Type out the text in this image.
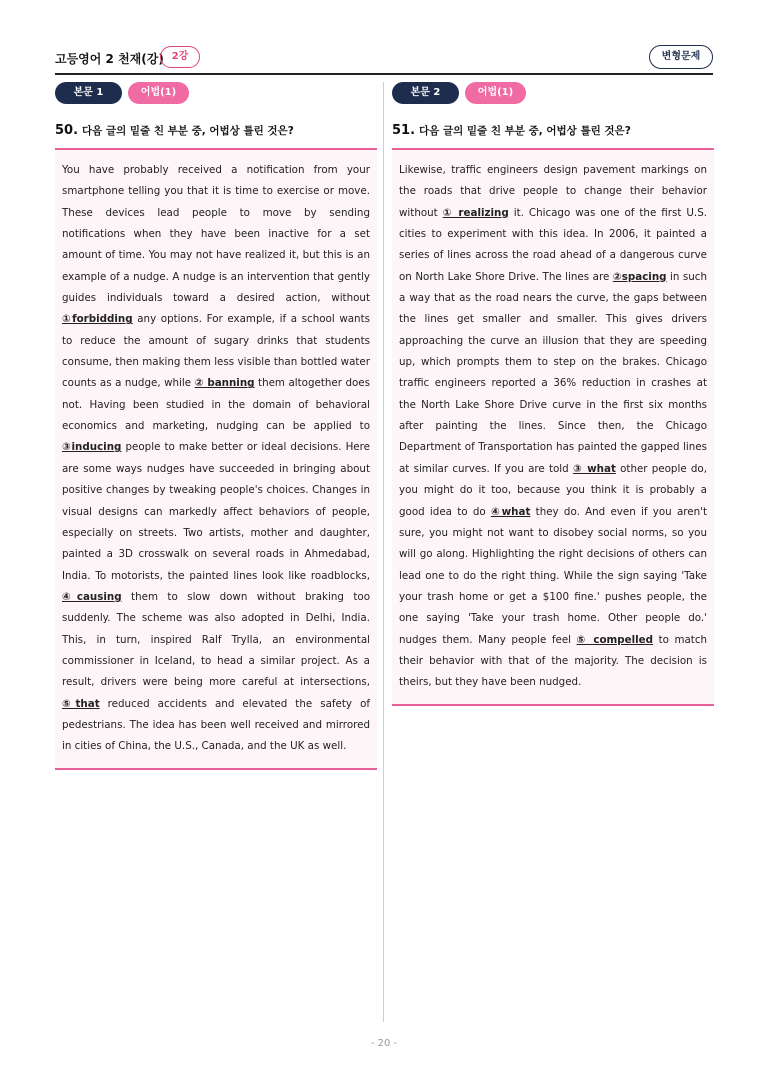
고등영어 2 천재(강) 2강	변형문제
본문 1	어법(1)
50. 다음 글의 밑줄 친 부분 중, 어법상 틀린 것은?
You have probably received a notification from your smartphone telling you that it is time to exercise or move. These devices lead people to move by sending notifications when they have been inactive for a set amount of time. You may not have realized it, but this is an example of a nudge. A nudge is an intervention that gently guides individuals toward a desired action, without ①forbidding any options. For example, if a school wants to reduce the amount of sugary drinks that students consume, then making them less visible than bottled water counts as a nudge, while ② banning them altogether does not. Having been studied in the domain of behavioral economics and marketing, nudging can be applied to ③inducing people to make better or ideal decisions. Here are some ways nudges have succeeded in bringing about positive changes by tweaking people's choices. Changes in visual designs can markedly affect behaviors of people, especially on streets. Two artists, mother and daughter, painted a 3D crosswalk on several roads in Ahmedabad, India. To motorists, the painted lines look like roadblocks, ④causing them to slow down without braking too suddenly. The scheme was also adopted in Delhi, India. This, in turn, inspired Ralf Trylla, an environmental commissioner in Iceland, to head a similar project. As a result, drivers were being more careful at intersections, ⑤that reduced accidents and elevated the safety of pedestrians. The idea has been well received and mirrored in cities of China, the U.S., Canada, and the UK as well.
본문 2	어법(1)
51. 다음 글의 밑줄 친 부분 중, 어법상 틀린 것은?
Likewise, traffic engineers design pavement markings on the roads that drive people to change their behavior without ① realizing it. Chicago was one of the first U.S. cities to experiment with this idea. In 2006, it painted a series of lines across the road ahead of a dangerous curve on North Lake Shore Drive. The lines are ②spacing in such a way that as the road nears the curve, the gaps between the lines get smaller and smaller. This gives drivers approaching the curve an illusion that they are speeding up, which prompts them to step on the brakes. Chicago traffic engineers reported a 36% reduction in crashes at the North Lake Shore Drive curve in the first six months after painting the lines. Since then, the Chicago Department of Transportation has painted the gapped lines at similar curves. If you are told ③ what other people do, you might do it too, because you think it is probably a good idea to do ④what they do. And even if you aren't sure, you might not want to disobey social norms, so you will go along. Highlighting the right decisions of others can lead one to do the right thing. While the sign saying 'Take your trash home or get a $100 fine.' pushes people, the one saying 'Take your trash home. Other people do.' nudges them. Many people feel ⑤ compelled to match their behavior with that of the majority. The decision is theirs, but they have been nudged.
- 20 -
